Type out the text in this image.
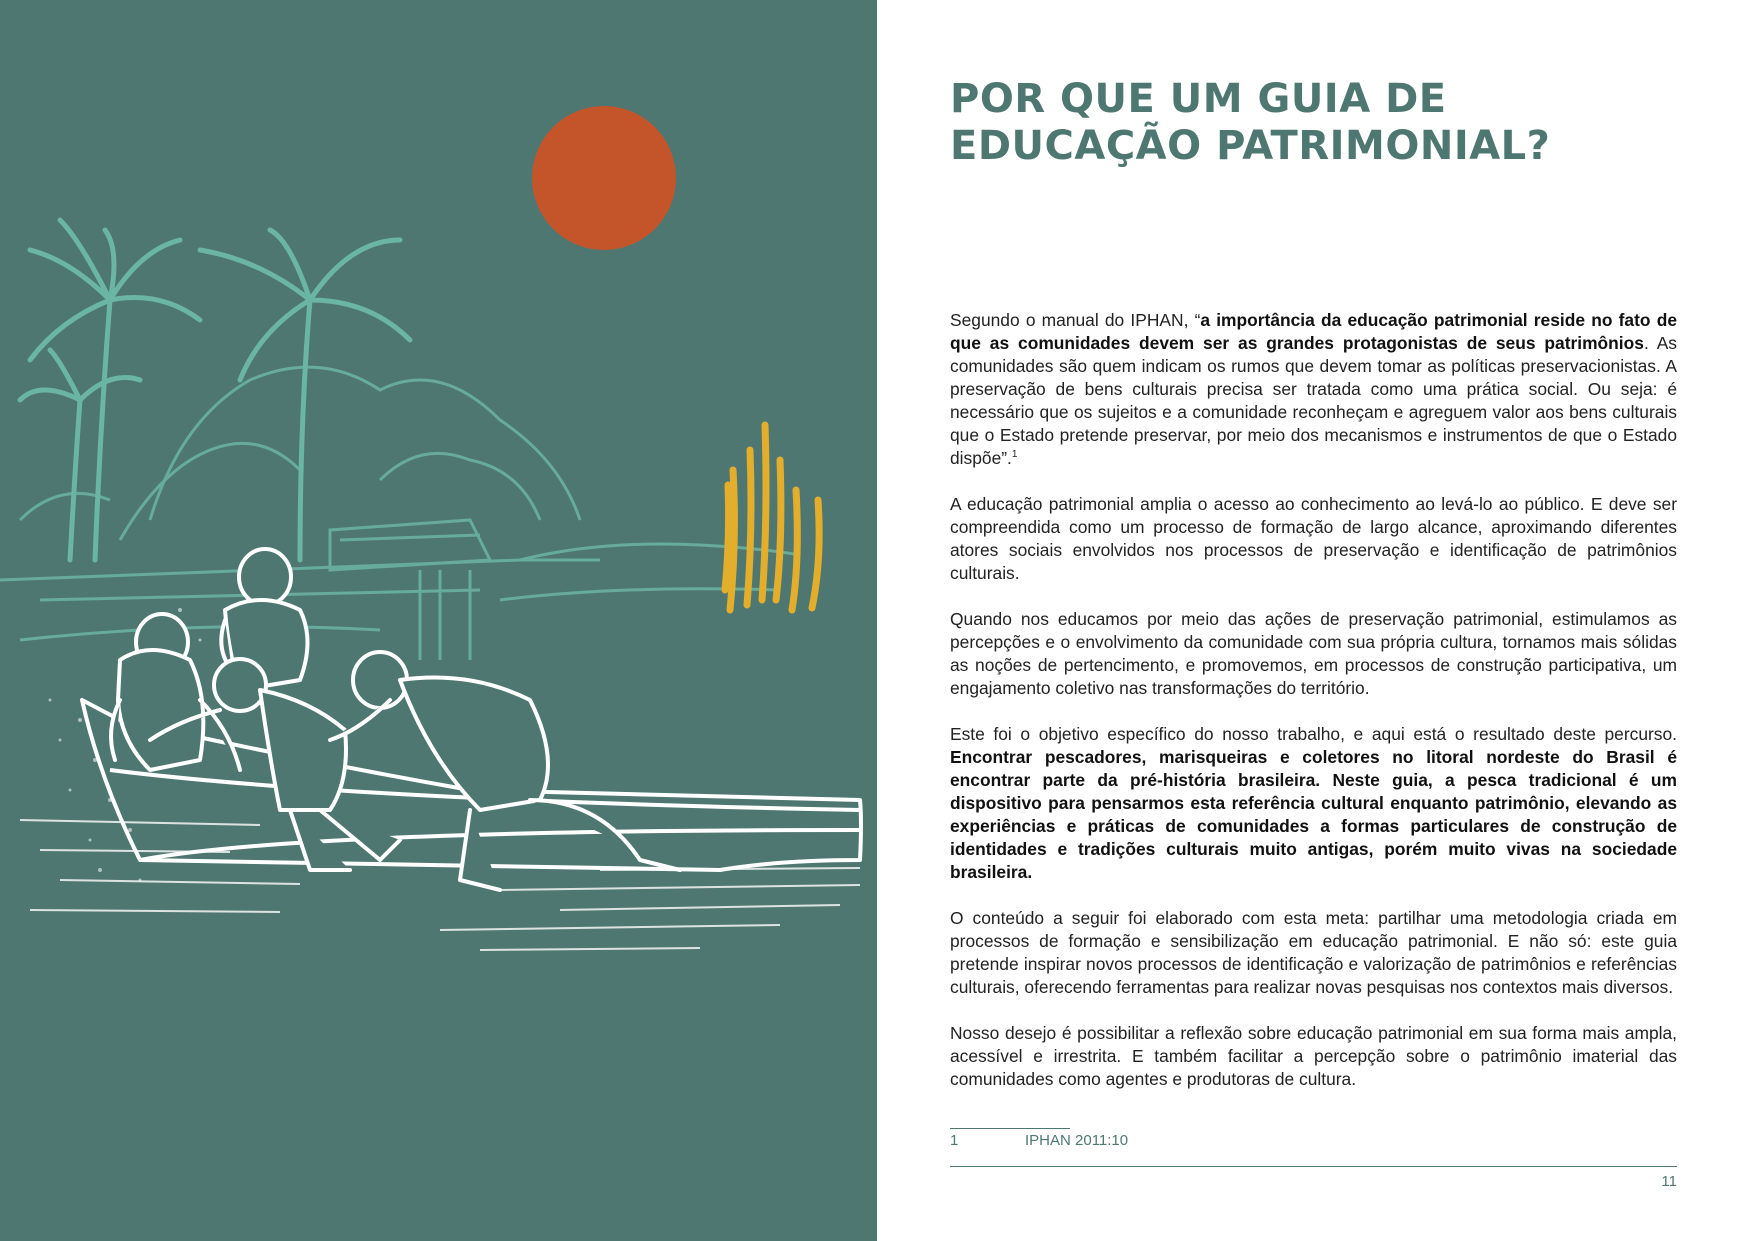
POR QUE UM GUIA DE
EDUCAÇÃO PATRIMONIAL?

Segundo o manual do IPHAN, “a importância da educação patrimonial reside no fato de que as comunidades devem ser as grandes protagonistas de seus patrimônios. As comunidades são quem indicam os rumos que devem tomar as políticas preservacionistas. A preservação de bens culturais precisa ser tratada como uma prática social. Ou seja: é necessário que os sujeitos e a comunidade reconheçam e agreguem valor aos bens culturais que o Estado pretende preservar, por meio dos mecanismos e instrumentos de que o Estado dispõe”.$^1$

A educação patrimonial amplia o acesso ao conhecimento ao levá-lo ao público. E deve ser compreendida como um processo de formação de largo alcance, aproximando diferentes atores sociais envolvidos nos processos de preservação e identificação de patrimônios culturais.

Quando nos educamos por meio das ações de preservação patrimonial, estimulamos as percepções e o envolvimento da comunidade com sua própria cultura, tornamos mais sólidas as noções de pertencimento, e promovemos, em processos de construção participativa, um engajamento coletivo nas transformações do território.

Este foi o objetivo específico do nosso trabalho, e aqui está o resultado deste percurso. Encontrar pescadores, marisqueiras e coletores no litoral nordeste do Brasil é encontrar parte da pré-história brasileira. Neste guia, a pesca tradicional é um dispositivo para pensarmos esta referência cultural enquanto patrimônio, elevando as experiências e práticas de comunidades a formas particulares de construção de identidades e tradições culturais muito antigas, porém muito vivas na sociedade brasileira.

O conteúdo a seguir foi elaborado com esta meta: partilhar uma metodologia criada em processos de formação e sensibilização em educação patrimonial. E não só: este guia pretende inspirar novos processos de identificação e valorização de patrimônios e referências culturais, oferecendo ferramentas para realizar novas pesquisas nos contextos mais diversos.

Nosso desejo é possibilitar a reflexão sobre educação patrimonial em sua forma mais ampla, acessível e irrestrita. E também facilitar a percepção sobre o patrimônio imaterial das comunidades como agentes e produtoras de cultura.

1	IPHAN 2011:10
11
